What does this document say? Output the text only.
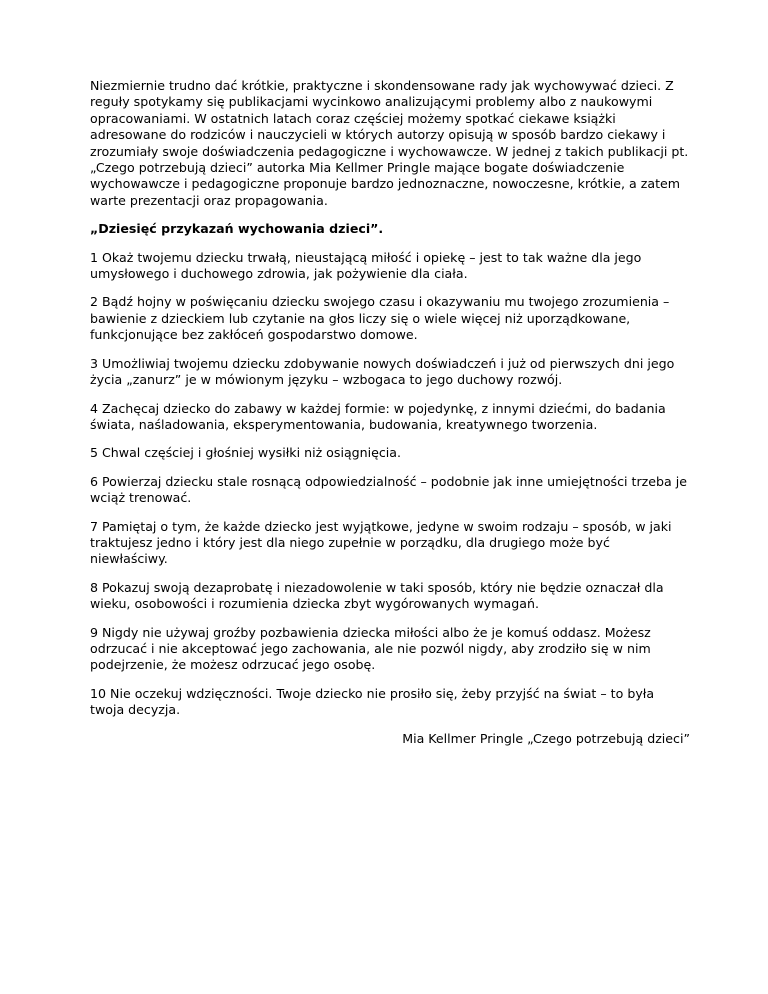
Niezmiernie trudno dać krótkie, praktyczne i skondensowane rady jak wychowywać dzieci. Z reguły spotykamy się publikacjami wycinkowo analizującymi problemy albo z naukowymi opracowaniami. W ostatnich latach coraz częściej możemy spotkać ciekawe książki adresowane do rodziców i nauczycieli w których autorzy opisują w sposób bardzo ciekawy i zrozumiały swoje doświadczenia pedagogiczne i wychowawcze. W jednej z takich publikacji pt. „Czego potrzebują dzieci” autorka Mia Kellmer Pringle mające bogate doświadczenie wychowawcze i pedagogiczne proponuje bardzo jednoznaczne, nowoczesne, krótkie, a zatem warte prezentacji oraz propagowania.

„Dziesięć przykazań wychowania dzieci”.

1 Okaż twojemu dziecku trwałą, nieustającą miłość i opiekę – jest to tak ważne dla jego umysłowego i duchowego zdrowia, jak pożywienie dla ciała.

2 Bądź hojny w poświęcaniu dziecku swojego czasu i okazywaniu mu twojego zrozumienia – bawienie z dzieckiem lub czytanie na głos liczy się o wiele więcej niż uporządkowane, funkcjonujące bez zakłóceń gospodarstwo domowe.

3 Umożliwiaj twojemu dziecku zdobywanie nowych doświadczeń i już od pierwszych dni jego życia „zanurz” je w mówionym języku – wzbogaca to jego duchowy rozwój.

4 Zachęcaj dziecko do zabawy w każdej formie: w pojedynkę, z innymi dziećmi, do badania świata, naśladowania, eksperymentowania, budowania, kreatywnego tworzenia.

5 Chwal częściej i głośniej wysiłki niż osiągnięcia.

6 Powierzaj dziecku stale rosnącą odpowiedzialność – podobnie jak inne umiejętności trzeba je wciąż trenować.

7 Pamiętaj o tym, że każde dziecko jest wyjątkowe, jedyne w swoim rodzaju – sposób, w jaki traktujesz jedno i który jest dla niego zupełnie w porządku, dla drugiego może być niewłaściwy.

8 Pokazuj swoją dezaprobatę i niezadowolenie w taki sposób, który nie będzie oznaczał dla wieku, osobowości i rozumienia dziecka zbyt wygórowanych wymagań.

9 Nigdy nie używaj groźby pozbawienia dziecka miłości albo że je komuś oddasz. Możesz odrzucać i nie akceptować jego zachowania, ale nie pozwól nigdy, aby zrodziło się w nim podejrzenie, że możesz odrzucać jego osobę.

10 Nie oczekuj wdzięczności. Twoje dziecko nie prosiło się, żeby przyjść na świat – to była twoja decyzja.

Mia Kellmer Pringle „Czego potrzebują dzieci”
